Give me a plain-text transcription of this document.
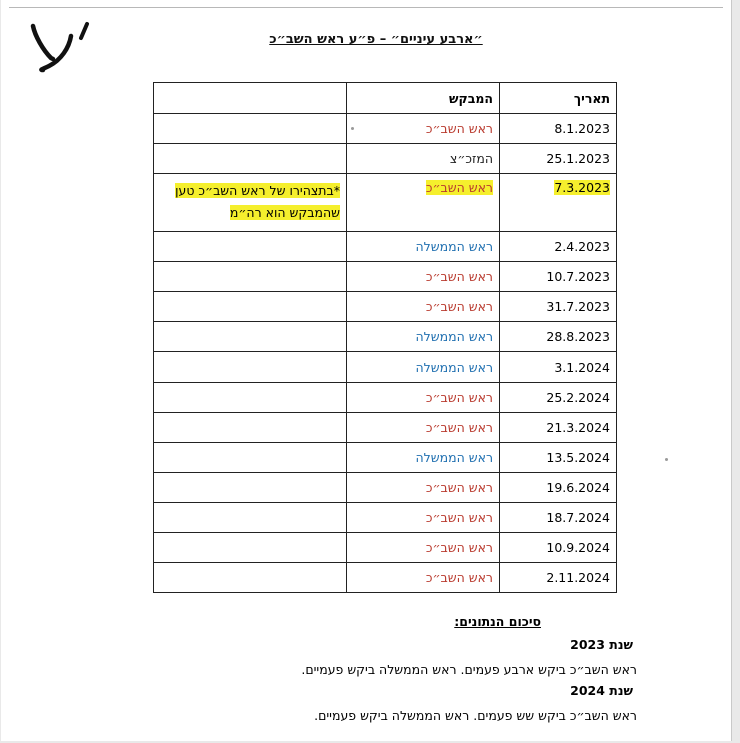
״ארבע עיניים״ – פ״ע ראש השב״כ
תאריך	המבקש	
8.1.2023	ראש השב״כ	
25.1.2023	המזכ״צ	
7.3.2023	ראש השב״כ	*בתצהירו של ראש השב״כ טען שהמבקש הוא רה״מ
2.4.2023	ראש הממשלה	
10.7.2023	ראש השב״כ	
31.7.2023	ראש השב״כ	
28.8.2023	ראש הממשלה	
3.1.2024	ראש הממשלה	
25.2.2024	ראש השב״כ	
21.3.2024	ראש השב״כ	
13.5.2024	ראש הממשלה	
19.6.2024	ראש השב״כ	
18.7.2024	ראש השב״כ	
10.9.2024	ראש השב״כ	
2.11.2024	ראש השב״כ	
סיכום הנתונים:
שנת 2023
ראש השב״כ ביקש ארבע פעמים. ראש הממשלה ביקש פעמיים.
שנת 2024
ראש השב״כ ביקש שש פעמים. ראש הממשלה ביקש פעמיים.
